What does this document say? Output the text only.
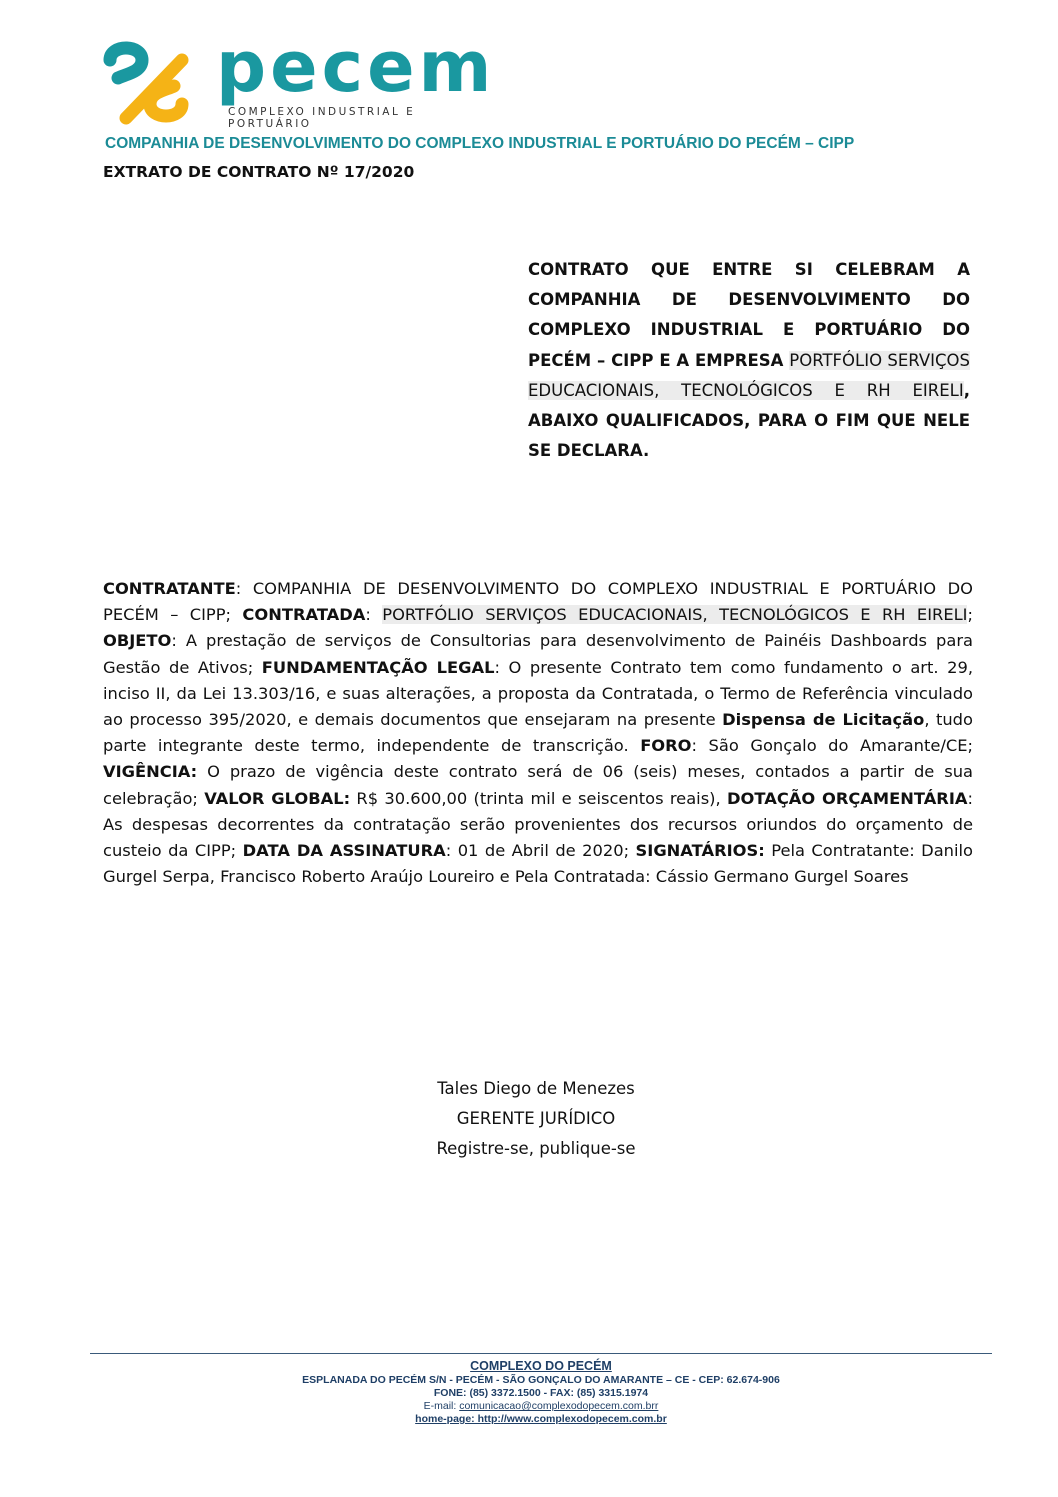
pecem
COMPLEXO INDUSTRIAL E PORTUÁRIO
COMPANHIA DE DESENVOLVIMENTO DO COMPLEXO INDUSTRIAL E PORTUÁRIO DO PECÉM – CIPP
EXTRATO DE CONTRATO Nº 17/2020
CONTRATO QUE ENTRE SI CELEBRAM A COMPANHIA DE DESENVOLVIMENTO DO COMPLEXO INDUSTRIAL E PORTUÁRIO DO PECÉM – CIPP E A EMPRESA PORTFÓLIO SERVIÇOS EDUCACIONAIS, TECNOLÓGICOS E RH EIRELI, ABAIXO QUALIFICADOS, PARA O FIM QUE NELE SE DECLARA.
CONTRATANTE: COMPANHIA DE DESENVOLVIMENTO DO COMPLEXO INDUSTRIAL E PORTUÁRIO DO PECÉM – CIPP; CONTRATADA: PORTFÓLIO SERVIÇOS EDUCACIONAIS, TECNOLÓGICOS E RH EIRELI; OBJETO: A prestação de serviços de Consultorias para desenvolvimento de Painéis Dashboards para Gestão de Ativos; FUNDAMENTAÇÃO LEGAL: O presente Contrato tem como fundamento o art. 29, inciso II, da Lei 13.303/16, e suas alterações, a proposta da Contratada, o Termo de Referência vinculado ao processo 395/2020, e demais documentos que ensejaram na presente Dispensa de Licitação, tudo parte integrante deste termo, independente de transcrição. FORO: São Gonçalo do Amarante/CE; VIGÊNCIA: O prazo de vigência deste contrato será de 06 (seis) meses, contados a partir de sua celebração; VALOR GLOBAL: R$ 30.600,00 (trinta mil e seiscentos reais), DOTAÇÃO ORÇAMENTÁRIA: As despesas decorrentes da contratação serão provenientes dos recursos oriundos do orçamento de custeio da CIPP; DATA DA ASSINATURA: 01 de Abril de 2020; SIGNATÁRIOS: Pela Contratante: Danilo Gurgel Serpa, Francisco Roberto Araújo Loureiro e Pela Contratada: Cássio Germano Gurgel Soares
Tales Diego de Menezes
GERENTE JURÍDICO
Registre-se, publique-se
COMPLEXO DO PECÉM
ESPLANADA DO PECÉM S/N - PECÉM - SÃO GONÇALO DO AMARANTE – CE - CEP: 62.674-906
FONE: (85) 3372.1500 - FAX: (85) 3315.1974
E-mail: comunicacao@complexodopecem.com.brr
home-page: http://www.complexodopecem.com.br
